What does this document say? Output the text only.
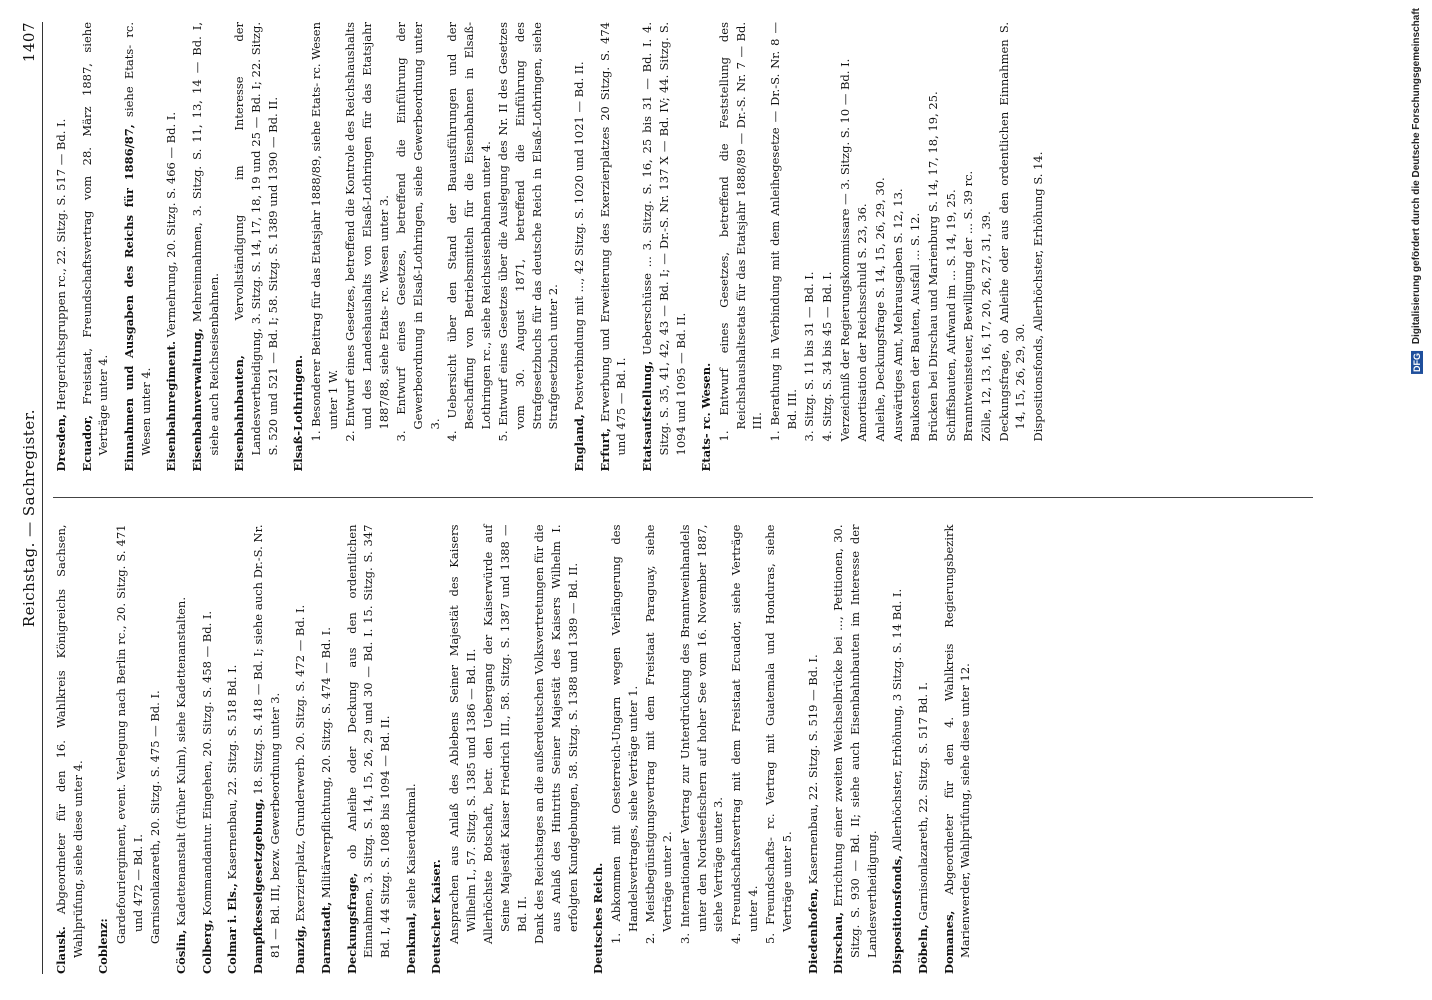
Reichstag. — Sachregister.
1407
Clausk. Abgeordneter für den 16. Wahlkreis Königreichs Sachsen, Wahlprüfung, siehe diese unter 4. Coblenz:
Gardefouriergiment, event. Verlegung nach Berlin rc., 20. Sitzg. S. 471 und 472 — Bd. I. Garnisonlazareth, 20. Sitzg. S. 475 — Bd. I.
Cöslin, Kadettenanstalt (früher Kulm), siehe Kadettenanstalten.
Colberg, Kommandantur. Eingehen, 20. Sitzg. S. 458 — Bd. I.
Colmar i. Els., Kasernenbau, 22. Sitzg. S. 518 Bd. I.
Dampfkesselgesetzgebung, 18. Sitzg. S. 418 — Bd. I; siehe auch Dr.-S. Nr. 81 — Bd. III, bezw. Gewerbeordnung unter 3. Danzig, Exerzierplatz, Grunderwerb. 20. Sitzg. S. 472 — Bd. I.
Darmstadt, Militärverpflichtung, 20. Sitzg. S. 474 — Bd. I.
Deckungsfrage, ob Anleihe oder Deckung aus den ordentlichen Einnahmen, 3. Sitzg. S. 14, 15, 26, 29 und 30 — Bd. I. 15. Sitzg. S. 347 Bd. I, 44 Sitzg. S. 1088 bis 1094 — Bd. II. Denkmal, siehe Kaiserdenkmal.
Deutscher Kaiser. Ansprachen aus Anlaß des Ablebens Seiner Majestät des Kaisers Wilhelm I., 57. Sitzg. S. 1385 und 1386 — Bd. II. Allerhöchste Botschaft, betr. den Uebergang der Kaiserwürde auf Seine Majestät Kaiser Friedrich III., 58. Sitzg. S. 1387 und 1388 — Bd. II. Dank des Reichstages an die außerdeutschen Volksvertretungen für die aus Anlaß des Hintritts Seiner Majestät des Kaisers Wilhelm I. erfolgten Kundgebungen, 58. Sitzg. S. 1388 und 1389 — Bd. II. Deutsches Reich. 1. Abkommen mit Oesterreich-Ungarn wegen Verlängerung des Handelsvertrages, siehe Verträge unter 1. 2. Meistbegünstigungsvertrag mit dem Freistaat Paraguay, siehe Verträge unter 2. 3. Internationaler Vertrag zur Unterdrückung des Branntweinhandels unter den Nordseefischern auf hoher See vom 16. November 1887, siehe Verträge unter 3. 4. Freundschaftsvertrag mit dem Freistaat Ecuador, siehe Verträge unter 4. 5. Freundschafts- rc. Vertrag mit Guatemala und Honduras, siehe Verträge unter 5. Diedenhofen, Kasernenbau, 22. Sitzg. S. 519 — Bd. I.
Dirschau, Errichtung einer zweiten Weichselbrücke bei ..., Petitionen, 30. Sitzg. S. 930 — Bd. II; siehe auch Eisenbahnbauten im Interesse der Landesvertheidigung. Dispositionsfonds, Allerhöchster, Erhöhung, 3 Sitzg. S. 14 Bd. I.
Döbeln, Garnisonlazareth, 22. Sitzg. S. 517 Bd. I.
Domanes, Abgeordneter für den 4. Wahlkreis Regierungsbezirk Marienwerder, Wahlprüfung, siehe diese unter 12.
Dresden, Hergerichtsgruppen rc., 22. Sitzg. S. 517 — Bd. I.
Ecuador, Freistaat, Freundschaftsvertrag vom 28. März 1887, siehe Verträge unter 4. Einnahmen und Ausgaben des Reichs für 1886/87, siehe Etats- rc. Wesen unter 4. Eisenbahnregiment. Vermehrung, 20. Sitzg. S. 466 — Bd. I.
Eisenbahnverwaltung, Mehreinnahmen, 3. Sitzg. S. 11, 13, 14 — Bd. I, siehe auch Reichseisenbahnen. Eisenbahnbauten, Vervollständigung im Interesse der Landesvertheidigung, 3. Sitzg. S. 14, 17, 18, 19 und 25 — Bd. I; 22. Sitzg. S. 520 und 521 — Bd. I; 58. Sitzg. S. 1389 und 1390 — Bd. II. Elsaß-Lothringen. 1. Besonderer Beitrag für das Etatsjahr 1888/89, siehe Etats- rc. Wesen unter 1 W. 2. Entwurf eines Gesetzes, betreffend die Kontrole des Reichshaushalts und des Landeshaushalts von Elsaß-Lothringen für das Etatsjahr 1887/88, siehe Etats- rc. Wesen unter 3. 3. Entwurf eines Gesetzes, betreffend die Einführung der Gewerbeordnung in Elsaß-Lothringen, siehe Gewerbeordnung unter 3. 4. Uebersicht über den Stand der Bauausführungen und der Beschaffung von Betriebsmitteln für die Eisenbahnen in Elsaß-Lothringen rc., siehe Reichseisenbahnen unter 4. 5. Entwurf eines Gesetzes über die Auslegung des Nr. II des Gesetzes vom 30. August 1871, betreffend die Einführung des Strafgesetzbuchs für das deutsche Reich in Elsaß-Lothringen, siehe Strafgesetzbuch unter 2.
England, Postverbindung mit ..., 42 Sitzg. S. 1020 und 1021 — Bd. II.
Erfurt, Erwerbung und Erweiterung des Exerzierplatzes 20 Sitzg. S. 474 und 475 — Bd. I. Etatsaufstellung, Ueberschüsse ... 3. Sitzg. S. 16, 25 bis 31 — Bd. I. 4. Sitzg. S. 35, 41, 42, 43 — Bd. I; — Dr.-S. Nr. 137 X — Bd. IV; 44. Sitzg. S. 1094 und 1095 — Bd. II. Etats- rc. Wesen. 1. Entwurf eines Gesetzes, betreffend die Feststellung des Reichshaushaltsetats für das Etatsjahr 1888/89 — Dr.-S. Nr. 7 — Bd. III. 1. Berathung in Verbindung mit dem Anleihegesetze — Dr.-S. Nr. 8 — Bd. III. 3. Sitzg. S. 11 bis 31 — Bd. I. 4. Sitzg. S. 34 bis 45 — Bd. I. Verzeichniß der Regierungskommissare — 3. Sitzg. S. 10 — Bd. I. Amortisation der Reichsschuld S. 23, 36. Anleihe, Deckungsfrage S. 14, 15, 26, 29, 30. Auswärtiges Amt, Mehrausgaben S. 12, 13. Baukosten der Bauten, Ausfall ... S. 12. Brücken bei Dirschau und Marienburg S. 14, 17, 18, 19, 25. Schiffsbauten, Aufwand im ... S. 14, 19, 25. Branntweinsteuer, Bewilligung der ... S. 39 rc. Zölle, 12, 13, 16, 17, 20, 26, 27, 31, 39. Deckungsfrage, ob Anleihe oder aus den ordentlichen Einnahmen S. 14, 15, 26, 29, 30. Dispositionsfonds, Allerhöchster, Erhöhung S. 14.	DFG Digitalisierung gefördert durch die Deutsche Forschungsgemeinschaft
